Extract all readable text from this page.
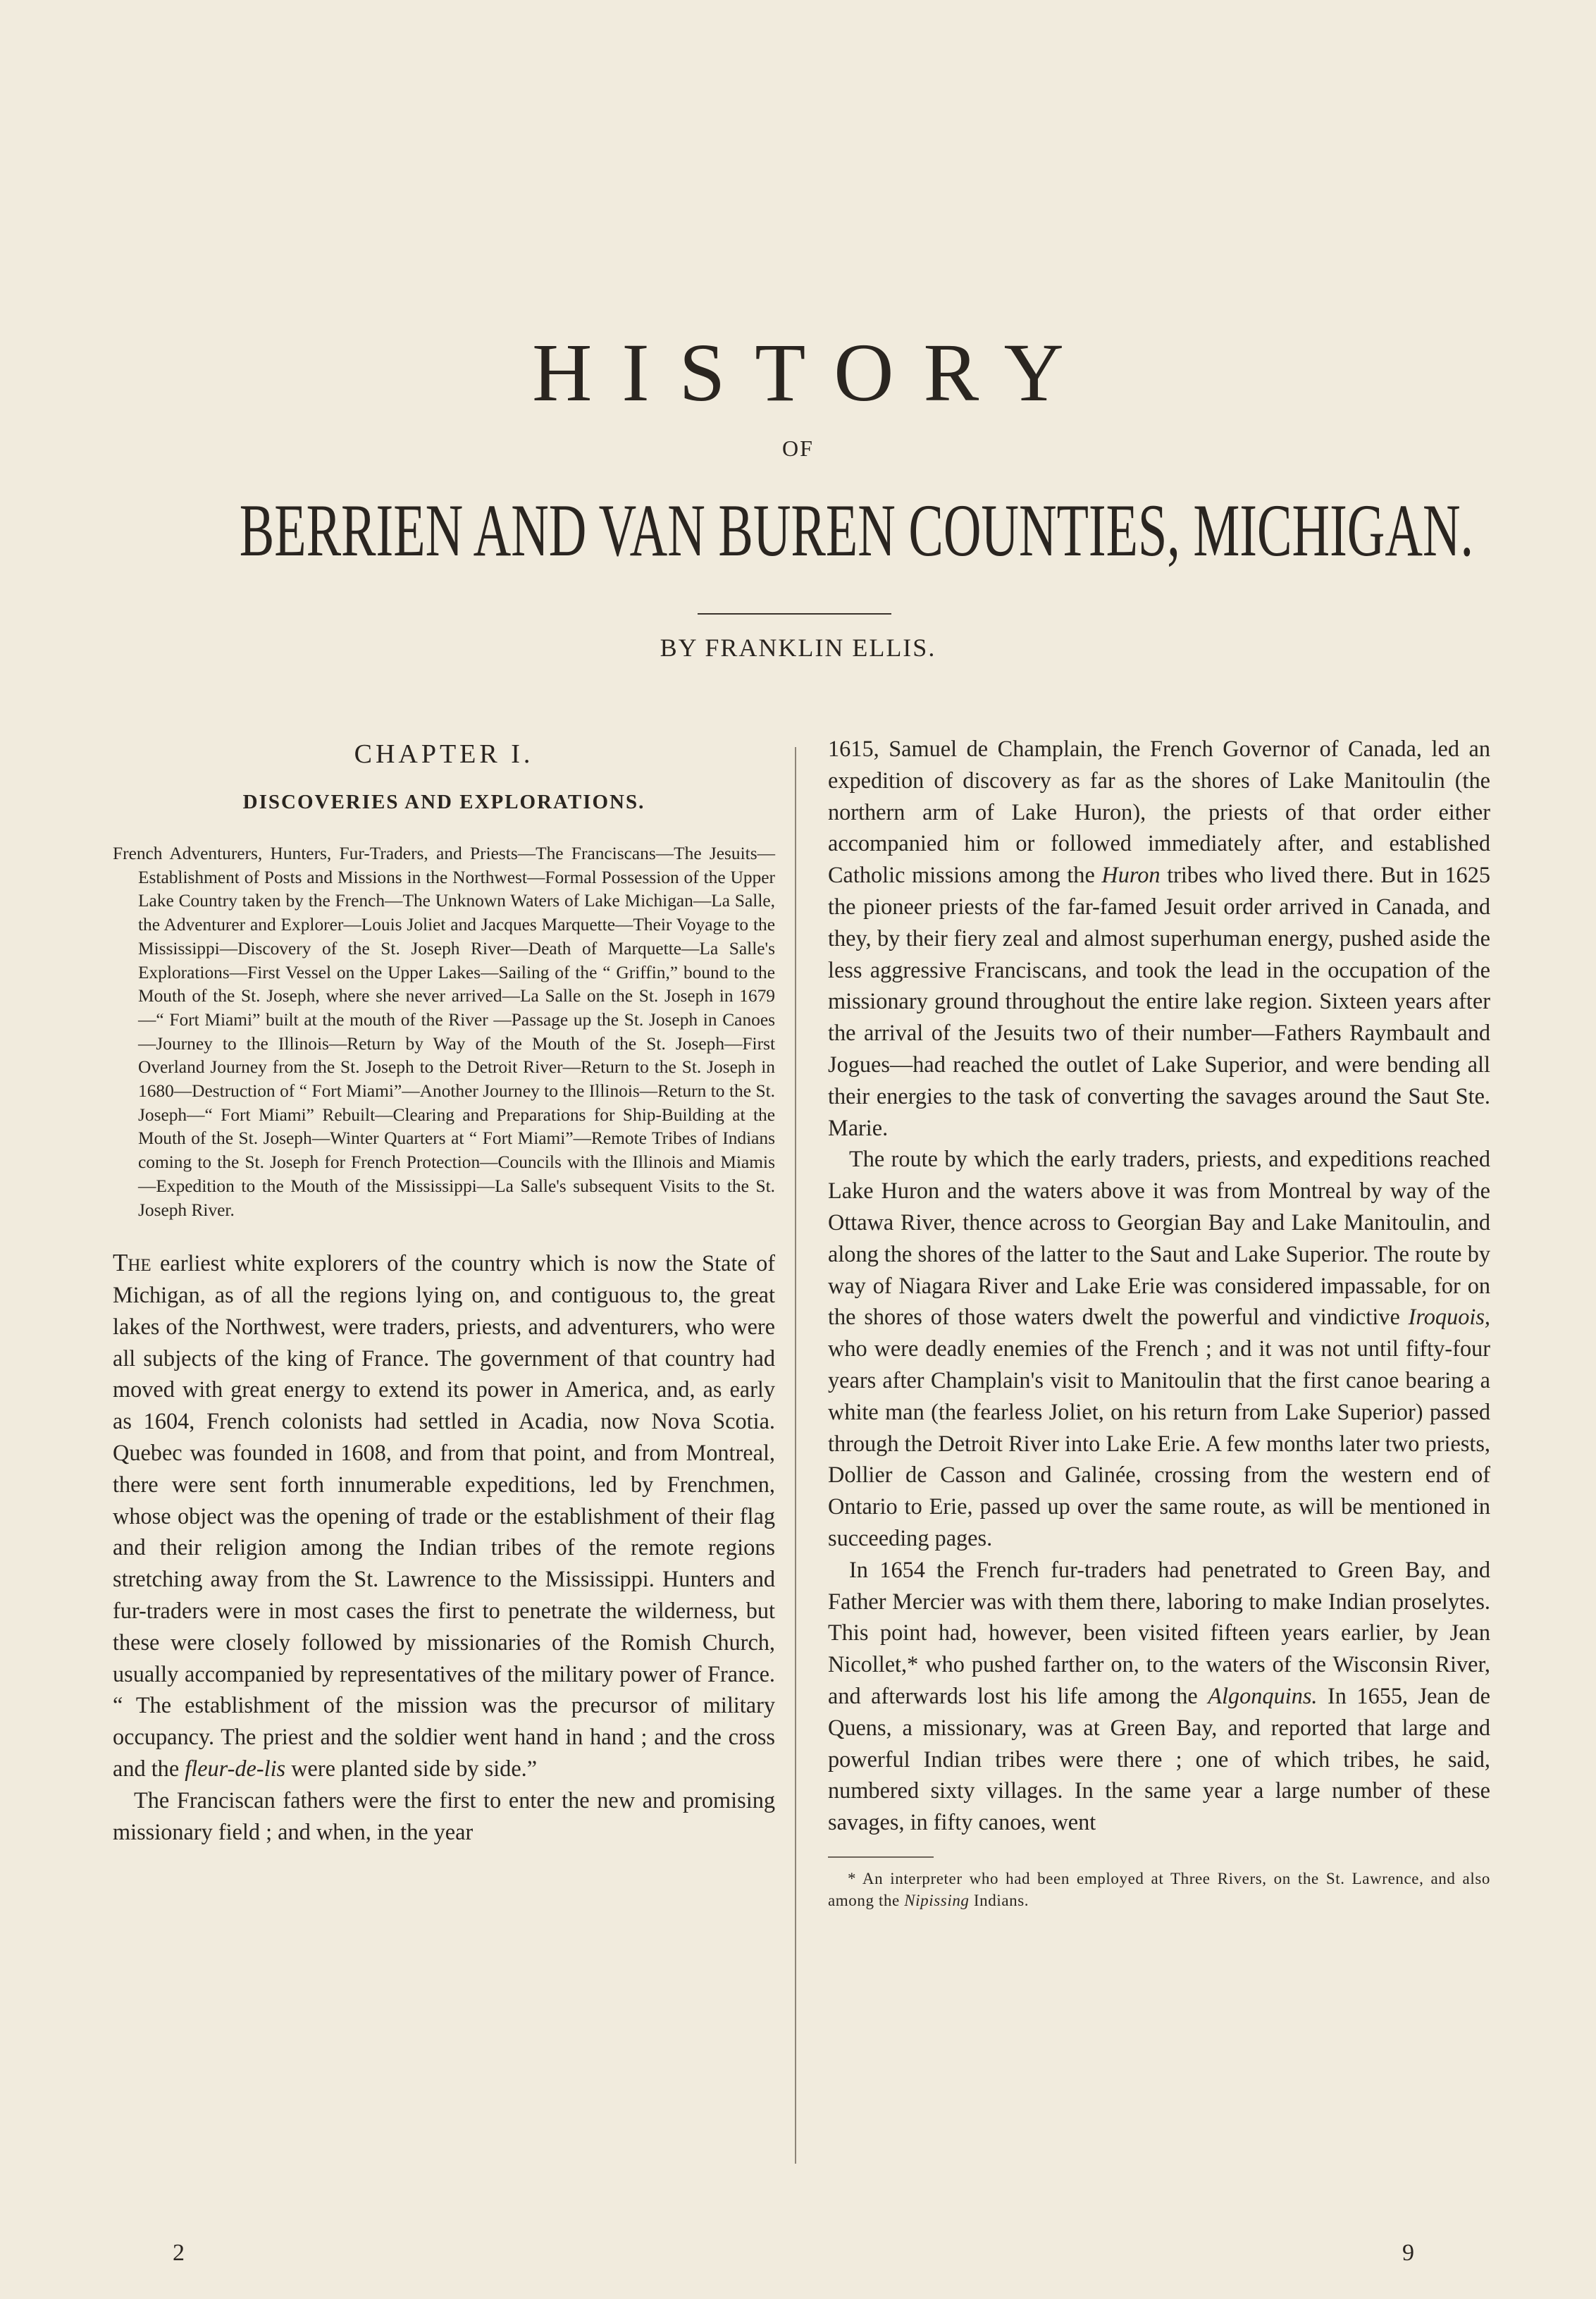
HISTORY
OF
BERRIEN AND VAN BUREN COUNTIES, MICHIGAN.
BY FRANKLIN ELLIS.
CHAPTER I.
DISCOVERIES AND EXPLORATIONS.

French Adventurers, Hunters, Fur-Traders, and Priests—The Franciscans—The Jesuits—Establishment of Posts and Missions in the Northwest—Formal Possession of the Upper Lake Country taken by the French—The Unknown Waters of Lake Michigan—La Salle, the Adventurer and Explorer—Louis Joliet and Jacques Marquette—Their Voyage to the Mississippi—Discovery of the St. Joseph River—Death of Marquette—La Salle's Explorations—First Vessel on the Upper Lakes—Sailing of the “ Griffin,” bound to the Mouth of the St. Joseph, where she never arrived—La Salle on the St. Joseph in 1679—“ Fort Miami” built at the mouth of the River —Passage up the St. Joseph in Canoes—Journey to the Illinois—Return by Way of the Mouth of the St. Joseph—First Overland Journey from the St. Joseph to the Detroit River—Return to the St. Joseph in 1680—Destruction of “ Fort Miami”—Another Journey to the Illinois—Return to the St. Joseph—“ Fort Miami” Rebuilt—Clearing and Preparations for Ship-Building at the Mouth of the St. Joseph—Winter Quarters at “ Fort Miami”—Remote Tribes of Indians coming to the St. Joseph for French Protection—Councils with the Illinois and Miamis—Expedition to the Mouth of the Mississippi—La Salle's subsequent Visits to the St. Joseph River.

The earliest white explorers of the country which is now the State of Michigan, as of all the regions lying on, and contiguous to, the great lakes of the Northwest, were traders, priests, and adventurers, who were all subjects of the king of France. The government of that country had moved with great energy to extend its power in America, and, as early as 1604, French colonists had settled in Acadia, now Nova Scotia. Quebec was founded in 1608, and from that point, and from Montreal, there were sent forth innumerable expeditions, led by Frenchmen, whose object was the opening of trade or the establishment of their flag and their religion among the Indian tribes of the remote regions stretching away from the St. Lawrence to the Mississippi. Hunters and fur-traders were in most cases the first to penetrate the wilderness, but these were closely followed by missionaries of the Romish Church, usually accompanied by representatives of the military power of France. “ The establishment of the mission was the precursor of military occupancy. The priest and the soldier went hand in hand ; and the cross and the fleur-de-lis were planted side by side.”

The Franciscan fathers were the first to enter the new and promising missionary field ; and when, in the year

1615, Samuel de Champlain, the French Governor of Canada, led an expedition of discovery as far as the shores of Lake Manitoulin (the northern arm of Lake Huron), the priests of that order either accompanied him or followed immediately after, and established Catholic missions among the Huron tribes who lived there. But in 1625 the pioneer priests of the far-famed Jesuit order arrived in Canada, and they, by their fiery zeal and almost superhuman energy, pushed aside the less aggressive Franciscans, and took the lead in the occupation of the missionary ground throughout the entire lake region. Sixteen years after the arrival of the Jesuits two of their number—Fathers Raymbault and Jogues—had reached the outlet of Lake Superior, and were bending all their energies to the task of converting the savages around the Saut Ste. Marie.

The route by which the early traders, priests, and expeditions reached Lake Huron and the waters above it was from Montreal by way of the Ottawa River, thence across to Georgian Bay and Lake Manitoulin, and along the shores of the latter to the Saut and Lake Superior. The route by way of Niagara River and Lake Erie was considered impassable, for on the shores of those waters dwelt the powerful and vindictive Iroquois, who were deadly enemies of the French ; and it was not until fifty-four years after Champlain's visit to Manitoulin that the first canoe bearing a white man (the fearless Joliet, on his return from Lake Superior) passed through the Detroit River into Lake Erie. A few months later two priests, Dollier de Casson and Galinée, crossing from the western end of Ontario to Erie, passed up over the same route, as will be mentioned in succeeding pages.

In 1654 the French fur-traders had penetrated to Green Bay, and Father Mercier was with them there, laboring to make Indian proselytes. This point had, however, been visited fifteen years earlier, by Jean Nicollet,* who pushed farther on, to the waters of the Wisconsin River, and afterwards lost his life among the Algonquins. In 1655, Jean de Quens, a missionary, was at Green Bay, and reported that large and powerful Indian tribes were there ; one of which tribes, he said, numbered sixty villages. In the same year a large number of these savages, in fifty canoes, went

* An interpreter who had been employed at Three Rivers, on the St. Lawrence, and also among the Nipissing Indians.

2	9
